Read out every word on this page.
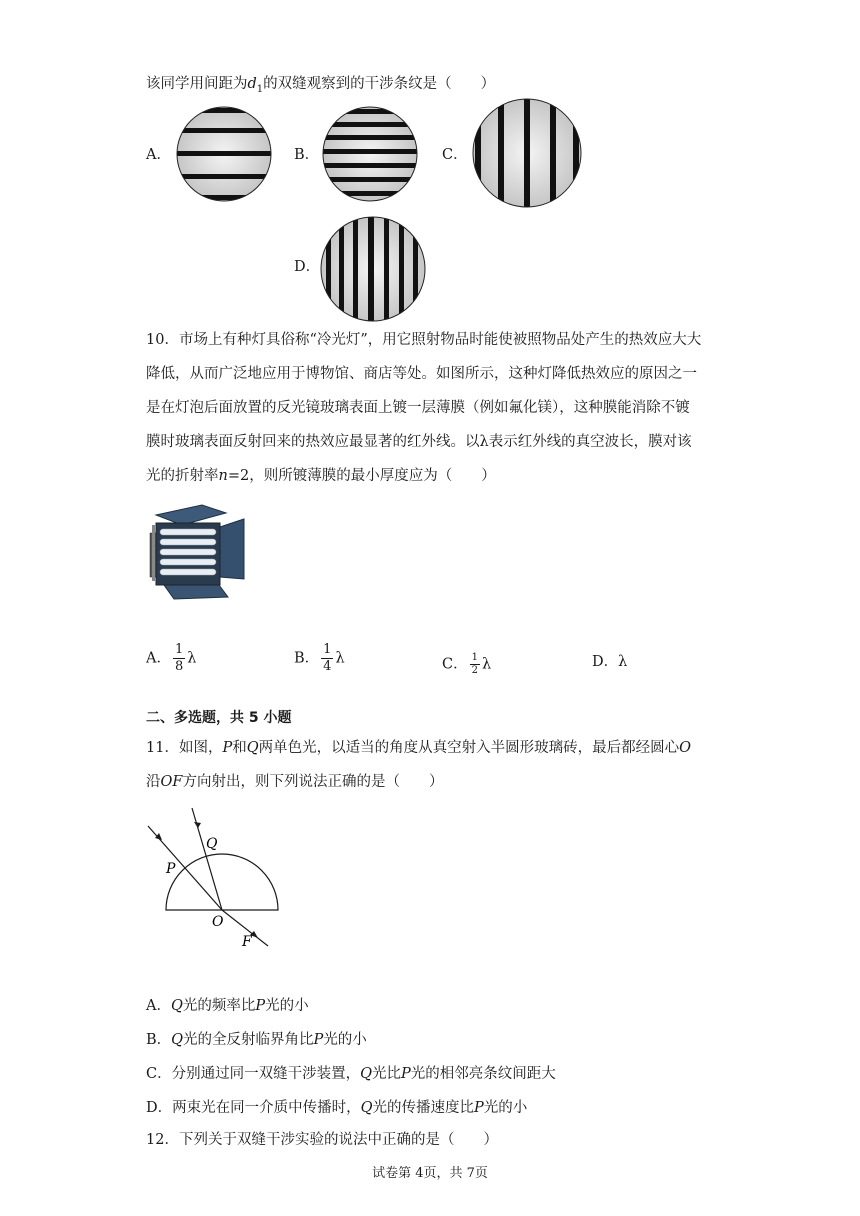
该同学用间距为$d_1$的双缝观察到的干涉条纹是（　　）
A．	B．	C．
D．
10．市场上有种灯具俗称“冷光灯”，用它照射物品时能使被照物品处产生的热效应大大
降低，从而广泛地应用于博物馆、商店等处。如图所示，这种灯降低热效应的原因之一
是在灯泡后面放置的反光镜玻璃表面上镀一层薄膜（例如氟化镁），这种膜能消除不镀
膜时玻璃表面反射回来的热效应最显著的红外线。以λ表示红外线的真空波长，膜对该
光的折射率n=2，则所镀薄膜的最小厚度应为（　　）
A． $\frac{1}{8}$ λ	B． $\frac{1}{4}$ λ	C． $\frac{1}{2}$ λ	D．λ
二、多选题，共 5 小题
11．如图，P和Q两单色光，以适当的角度从真空射入半圆形玻璃砖，最后都经圆心O
沿OF方向射出，则下列说法正确的是（　　）
Q
P
O
F
A．Q光的频率比P光的小
B．Q光的全反射临界角比P光的小
C．分别通过同一双缝干涉装置，Q光比P光的相邻亮条纹间距大
D．两束光在同一介质中传播时，Q光的传播速度比P光的小
12．下列关于双缝干涉实验的说法中正确的是（　　）
试卷第 4页，共 7页
